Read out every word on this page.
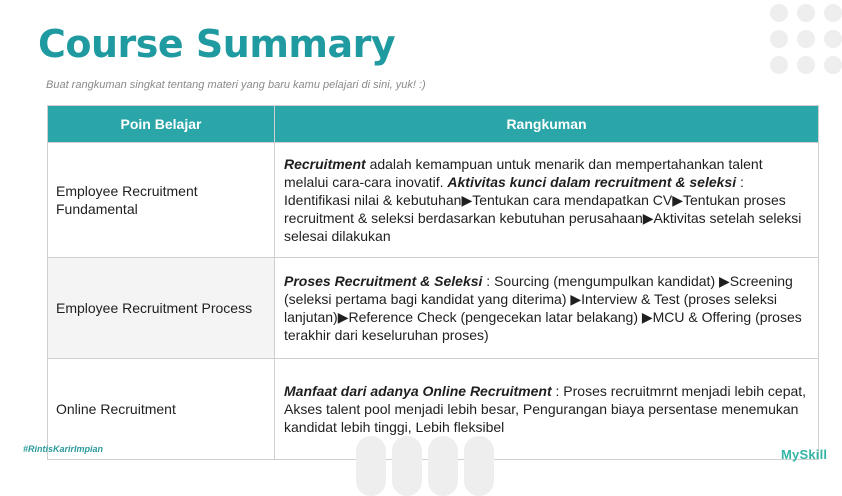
Course Summary

Buat rangkuman singkat tentang materi yang baru kamu pelajari di sini, yuk! :)

Poin Belajar	Rangkuman
Employee Recruitment Fundamental	Recruitment adalah kemampuan untuk menarik dan mempertahankan talent melalui cara-cara inovatif. Aktivitas kunci dalam recruitment & seleksi : Identifikasi nilai & kebutuhan▶Tentukan cara mendapatkan CV▶Tentukan proses recruitment & seleksi berdasarkan kebutuhan perusahaan▶Aktivitas setelah seleksi selesai dilakukan
Employee Recruitment Process	Proses Recruitment & Seleksi : Sourcing (mengumpulkan kandidat) ▶Screening (seleksi pertama bagi kandidat yang diterima) ▶Interview & Test (proses seleksi lanjutan)▶Reference Check (pengecekan latar belakang) ▶MCU & Offering (proses terakhir dari keseluruhan proses)
Online Recruitment	Manfaat dari adanya Online Recruitment : Proses recruitmrnt menjadi lebih cepat, Akses talent pool menjadi lebih besar, Pengurangan biaya persentase menemukan kandidat lebih tinggi, Lebih fleksibel

#RintisKarirImpian	MySkill
